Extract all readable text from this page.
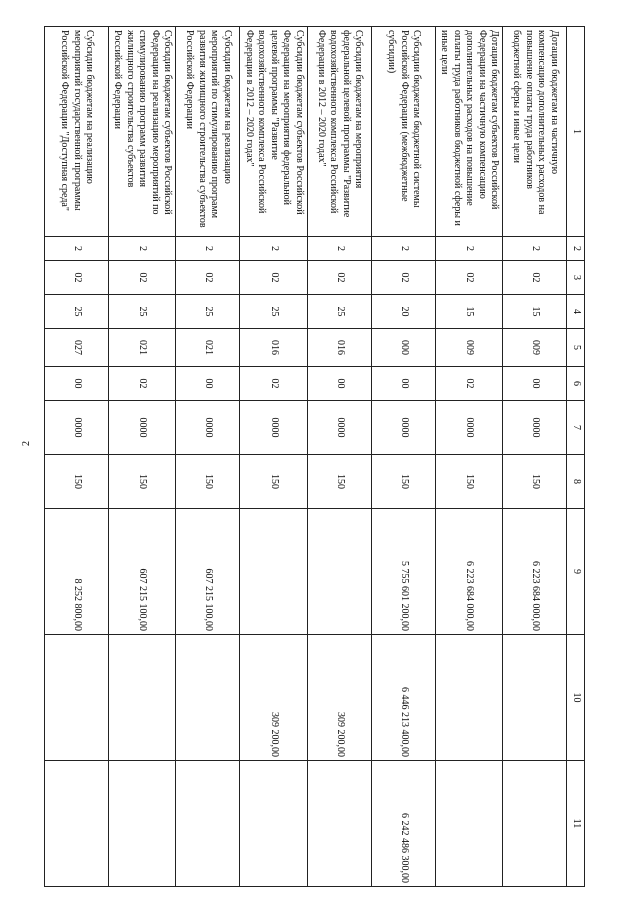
2
1	2	3	4	5	6	7	8	9	10	11
Дотации бюджетам на частичную компенсацию дополнительных расходов на повышение оплаты труда работников бюджетной сферы и иные цели	2	02	15	009	00	0000	150	6 223 684 000,00		
Дотации бюджетам субъектов Российской Федерации на частичную компенсацию дополнительных расходов на повышение оплаты труда работников бюджетной сферы и иные цели	2	02	15	009	02	0000	150	6 223 684 000,00		
Субсидии бюджетам бюджетной системы Российской Федерации (межбюджетные субсидии)	2	02	20	000	00	0000	150	5 755 601 200,00	6 446 213 400,00	6 242 486 300,00
Субсидии бюджетам на мероприятия федеральной целевой программы "Развитие водохозяйственного комплекса Российской Федерации в 2012 – 2020 годах"	2	02	25	016	00	0000	150		309 200,00	
Субсидии бюджетам субъектов Российской Федерации на мероприятия федеральной целевой программы "Развитие водохозяйственного комплекса Российской Федерации в 2012 – 2020 годах"	2	02	25	016	02	0000	150		309 200,00	
Субсидии бюджетам на реализацию мероприятий по стимулированию программ развития жилищного строительства субъектов Российской Федерации	2	02	25	021	00	0000	150	607 215 100,00		
Субсидии бюджетам субъектов Российской Федерации на реализацию мероприятий по стимулированию программ развития жилищного строительства субъектов Российской Федерации	2	02	25	021	02	0000	150	607 215 100,00		
Субсидии бюджетам на реализацию мероприятий государственной программы Российской Федерации "Доступная среда"	2	02	25	027	00	0000	150	8 252 800,00		
